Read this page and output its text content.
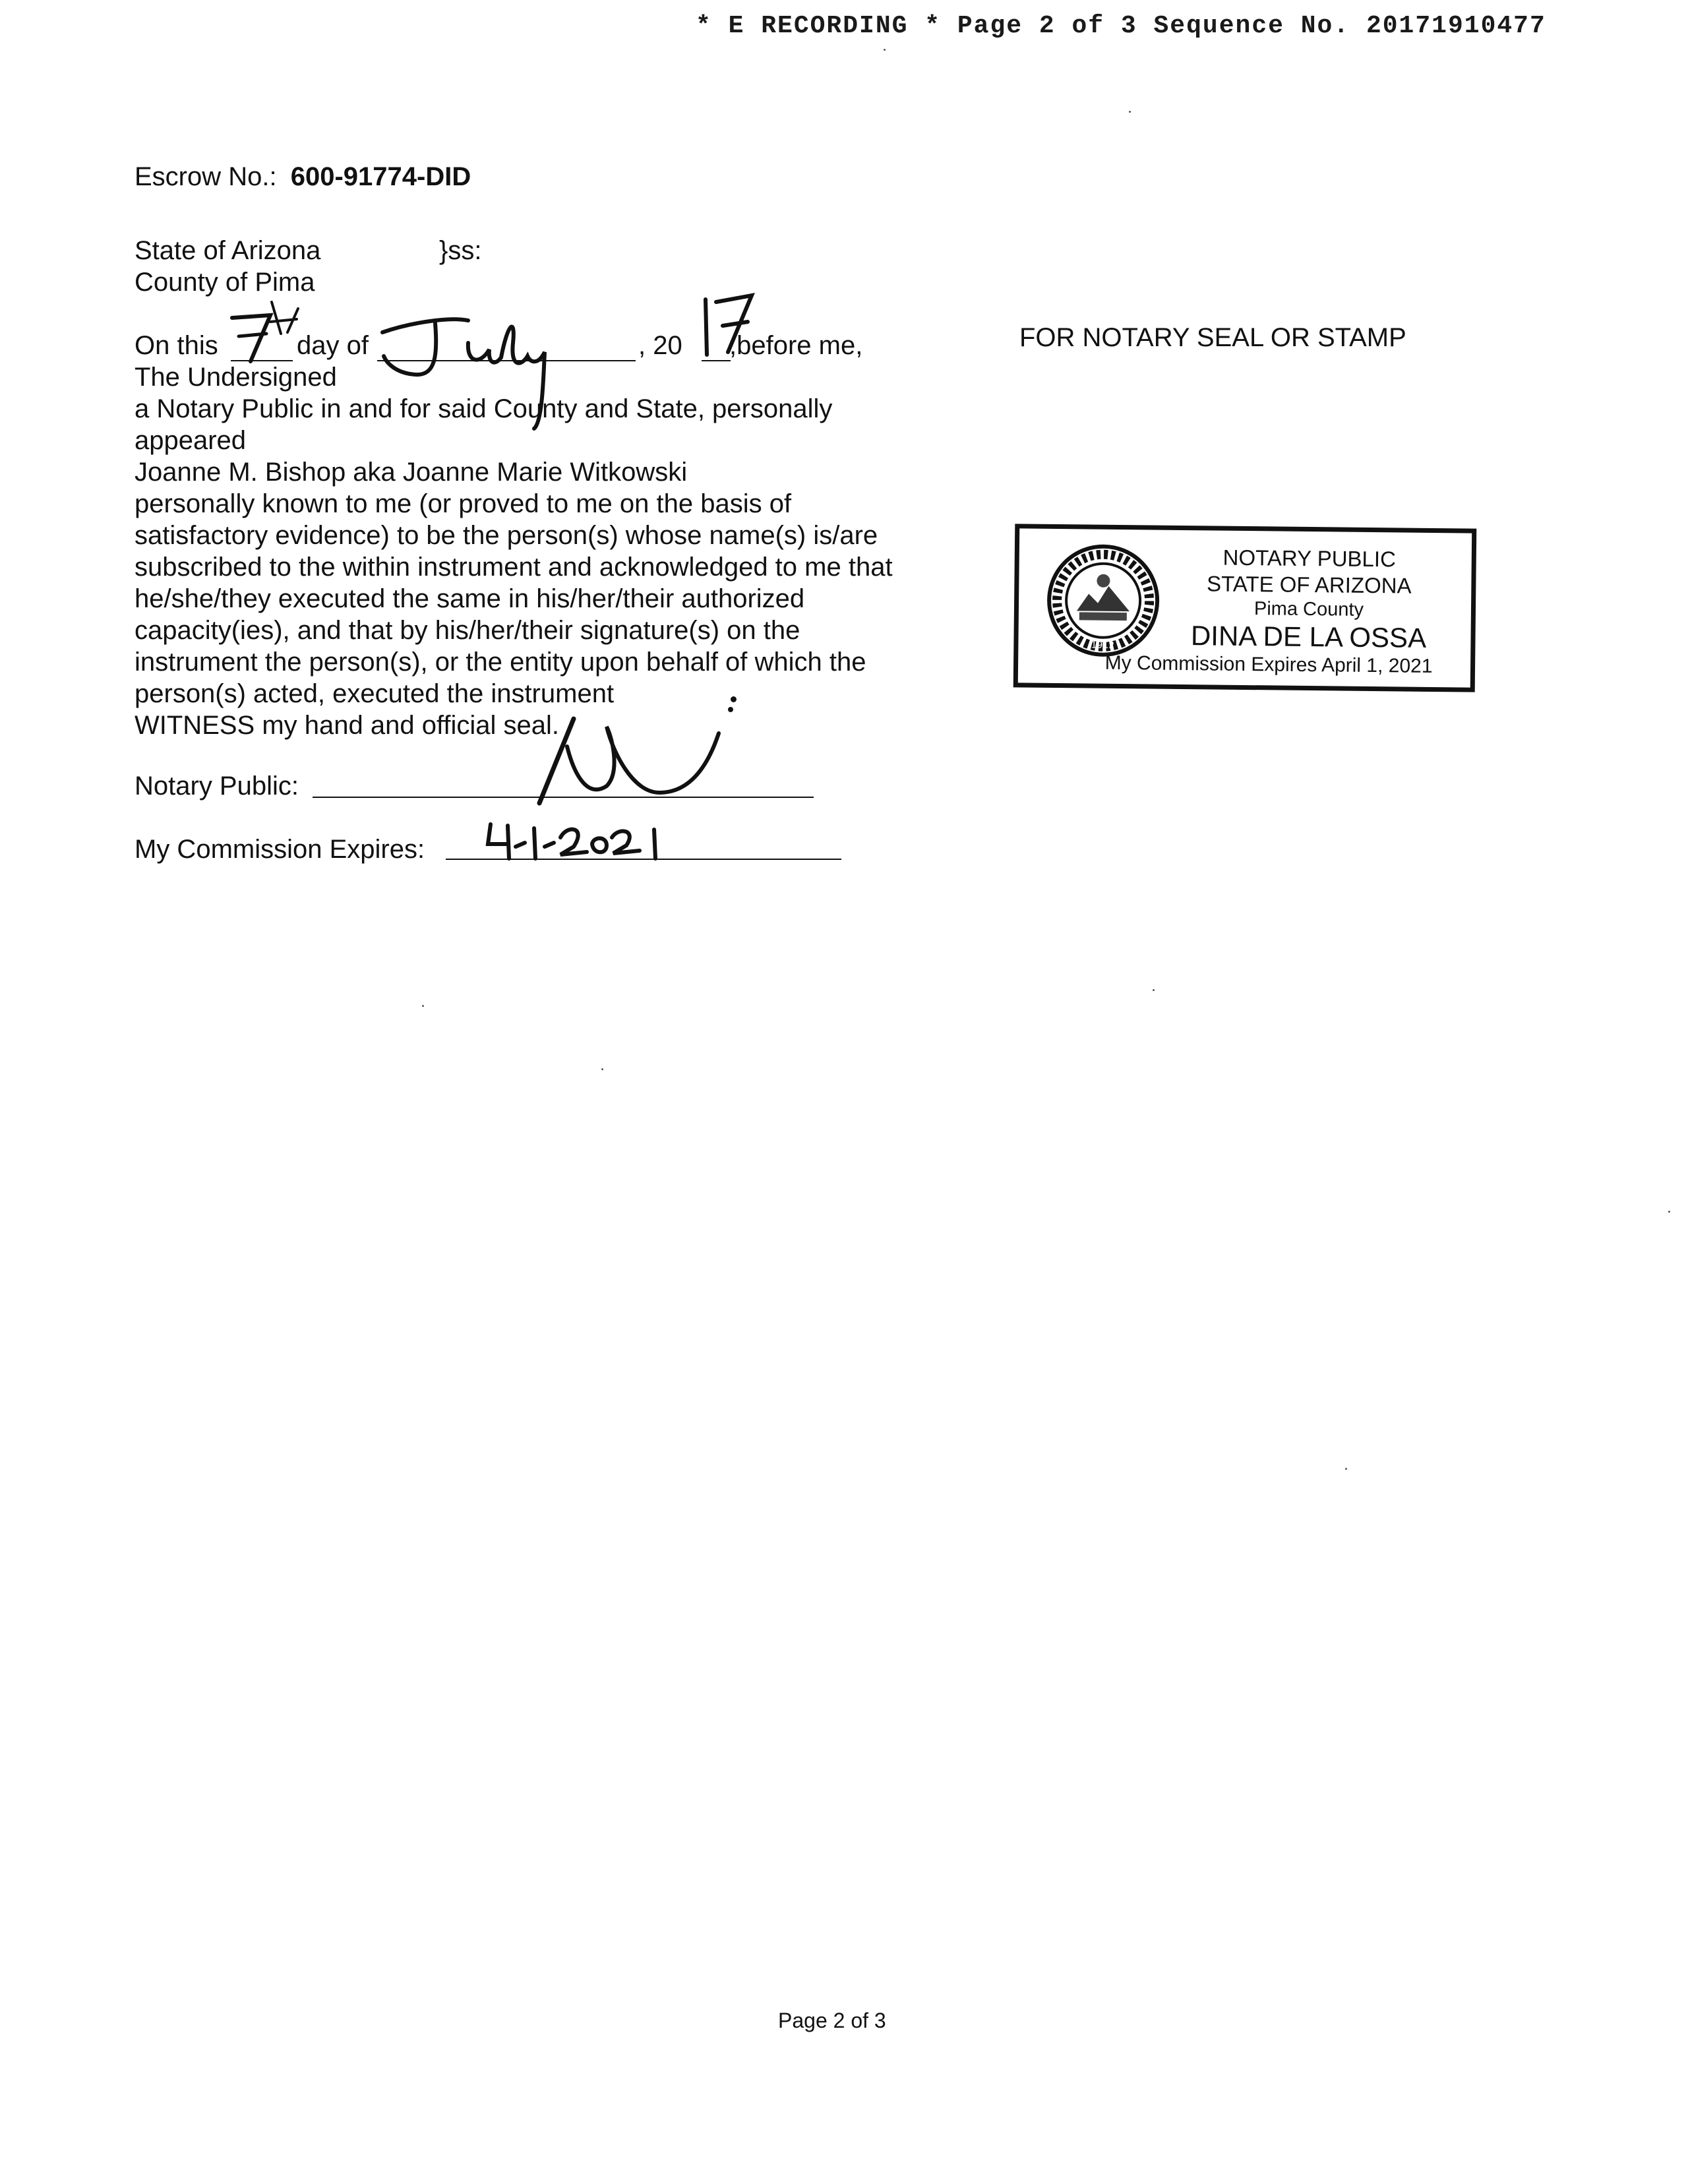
* E RECORDING * Page 2 of 3 Sequence No. 20171910477
Escrow No.: 600-91774-DID
State of Arizona	}ss:
County of Pima
On this	day of	, 20 ,before me,
The Undersigned
a Notary Public in and for said County and State, personally
appeared
Joanne M. Bishop aka Joanne Marie Witkowski
personally known to me (or proved to me on the basis of
satisfactory evidence) to be the person(s) whose name(s) is/are
subscribed to the within instrument and acknowledged to me that
he/she/they executed the same in his/her/their authorized
capacity(ies), and that by his/her/their signature(s) on the
instrument the person(s), or the entity upon behalf of which the
person(s) acted, executed the instrument
WITNESS my hand and official seal.
Notary Public:
My Commission Expires:
FOR NOTARY SEAL OR STAMP
1912
NOTARY PUBLIC
STATE OF ARIZONA
Pima County
DINA DE LA OSSA
My Commission Expires April 1, 2021
Page 2 of 3
